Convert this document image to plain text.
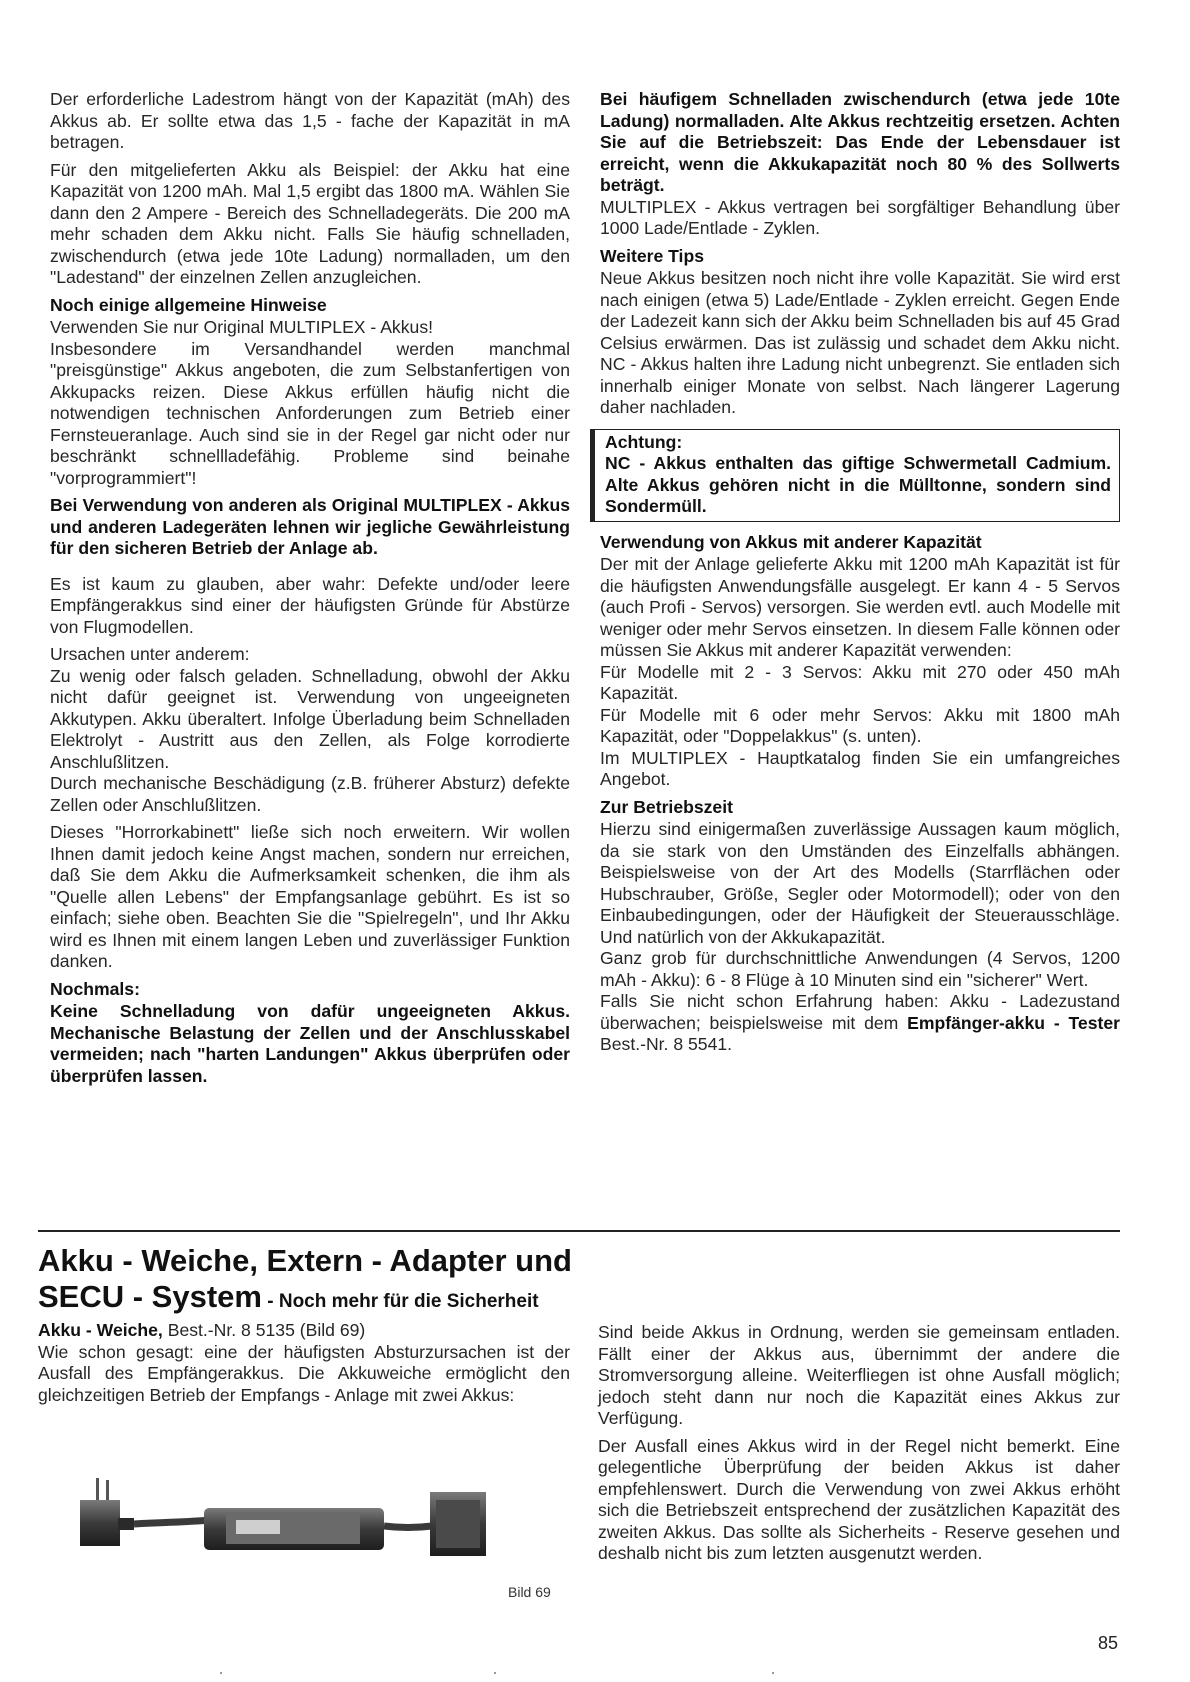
Der erforderliche Ladestrom hängt von der Kapazität (mAh) des Akkus ab. Er sollte etwa das 1,5 - fache der Kapazität in mA betragen.

Für den mitgelieferten Akku als Beispiel: der Akku hat eine Kapazität von 1200 mAh. Mal 1,5 ergibt das 1800 mA. Wählen Sie dann den 2 Ampere - Bereich des Schnelladegeräts. Die 200 mA mehr schaden dem Akku nicht. Falls Sie häufig schnelladen, zwischendurch (etwa jede 10te Ladung) normalladen, um den "Ladestand" der einzelnen Zellen anzugleichen.

Noch einige allgemeine Hinweise

Verwenden Sie nur Original MULTIPLEX - Akkus!

Insbesondere im Versandhandel werden manchmal "preisgünstige" Akkus angeboten, die zum Selbstanfertigen von Akkupacks reizen. Diese Akkus erfüllen häufig nicht die notwendigen technischen Anforderungen zum Betrieb einer Fernsteueranlage. Auch sind sie in der Regel gar nicht oder nur beschränkt schnellladefähig. Probleme sind beinahe "vorprogrammiert"!

Bei Verwendung von anderen als Original MULTIPLEX - Akkus und anderen Ladegeräten lehnen wir jegliche Gewährleistung für den sicheren Betrieb der Anlage ab.

Es ist kaum zu glauben, aber wahr: Defekte und/oder leere Empfängerakkus sind einer der häufigsten Gründe für Abstürze von Flugmodellen.

Ursachen unter anderem:

Zu wenig oder falsch geladen. Schnelladung, obwohl der Akku nicht dafür geeignet ist. Verwendung von ungeeigneten Akkutypen. Akku überaltert. Infolge Überladung beim Schnelladen Elektrolyt - Austritt aus den Zellen, als Folge korrodierte Anschlußlitzen.

Durch mechanische Beschädigung (z.B. früherer Absturz) defekte Zellen oder Anschlußlitzen.

Dieses "Horrorkabinett" ließe sich noch erweitern. Wir wollen Ihnen damit jedoch keine Angst machen, sondern nur erreichen, daß Sie dem Akku die Aufmerksamkeit schenken, die ihm als "Quelle allen Lebens" der Empfangsanlage gebührt. Es ist so einfach; siehe oben. Beachten Sie die "Spielregeln", und Ihr Akku wird es Ihnen mit einem langen Leben und zuverlässiger Funktion danken.

Nochmals:

Keine Schnelladung von dafür ungeeigneten Akkus. Mechanische Belastung der Zellen und der Anschlusskabel vermeiden; nach "harten Landungen" Akkus überprüfen oder überprüfen lassen.

Bei häufigem Schnelladen zwischendurch (etwa jede 10te Ladung) normalladen. Alte Akkus rechtzeitig ersetzen. Achten Sie auf die Betriebszeit: Das Ende der Lebensdauer ist erreicht, wenn die Akkukapazität noch 80 % des Sollwerts beträgt.

MULTIPLEX - Akkus vertragen bei sorgfältiger Behandlung über 1000 Lade/Entlade - Zyklen.

Weitere Tips

Neue Akkus besitzen noch nicht ihre volle Kapazität. Sie wird erst nach einigen (etwa 5) Lade/Entlade - Zyklen erreicht. Gegen Ende der Ladezeit kann sich der Akku beim Schnelladen bis auf 45 Grad Celsius erwärmen. Das ist zulässig und schadet dem Akku nicht. NC - Akkus halten ihre Ladung nicht unbegrenzt. Sie entladen sich innerhalb einiger Monate von selbst. Nach längerer Lagerung daher nachladen.

Achtung:

NC - Akkus enthalten das giftige Schwermetall Cadmium. Alte Akkus gehören nicht in die Mülltonne, sondern sind Sondermüll.

Verwendung von Akkus mit anderer Kapazität

Der mit der Anlage gelieferte Akku mit 1200 mAh Kapazität ist für die häufigsten Anwendungsfälle ausgelegt. Er kann 4 - 5 Servos (auch Profi - Servos) versorgen. Sie werden evtl. auch Modelle mit weniger oder mehr Servos einsetzen. In diesem Falle können oder müssen Sie Akkus mit anderer Kapazität verwenden:

Für Modelle mit 2 - 3 Servos: Akku mit 270 oder 450 mAh Kapazität.

Für Modelle mit 6 oder mehr Servos: Akku mit 1800 mAh Kapazität, oder "Doppelakkus" (s. unten).

Im MULTIPLEX - Hauptkatalog finden Sie ein umfangreiches Angebot.

Zur Betriebszeit

Hierzu sind einigermaßen zuverlässige Aussagen kaum möglich, da sie stark von den Umständen des Einzelfalls abhängen. Beispielsweise von der Art des Modells (Starrflächen oder Hubschrauber, Größe, Segler oder Motormodell); oder von den Einbaubedingungen, oder der Häufigkeit der Steuerausschläge. Und natürlich von der Akkukapazität.

Ganz grob für durchschnittliche Anwendungen (4 Servos, 1200 mAh - Akku): 6 - 8 Flüge à 10 Minuten sind ein "sicherer" Wert.

Falls Sie nicht schon Erfahrung haben: Akku - Ladezustand überwachen; beispielsweise mit dem Empfänger-akku - Tester Best.-Nr. 8 5541.

Akku - Weiche, Extern - Adapter und
SECU - System - Noch mehr für die Sicherheit

Akku - Weiche, Best.-Nr. 8 5135 (Bild 69)

Wie schon gesagt: eine der häufigsten Absturzursachen ist der Ausfall des Empfängerakkus. Die Akkuweiche ermöglicht den gleichzeitigen Betrieb der Empfangs - Anlage mit zwei Akkus:

Bild 69

Sind beide Akkus in Ordnung, werden sie gemeinsam entladen. Fällt einer der Akkus aus, übernimmt der andere die Stromversorgung alleine. Weiterfliegen ist ohne Ausfall möglich; jedoch steht dann nur noch die Kapazität eines Akkus zur Verfügung.

Der Ausfall eines Akkus wird in der Regel nicht bemerkt. Eine gelegentliche Überprüfung der beiden Akkus ist daher empfehlenswert. Durch die Verwendung von zwei Akkus erhöht sich die Betriebszeit entsprechend der zusätzlichen Kapazität des zweiten Akkus. Das sollte als Sicherheits - Reserve gesehen und deshalb nicht bis zum letzten ausgenutzt werden.

85
